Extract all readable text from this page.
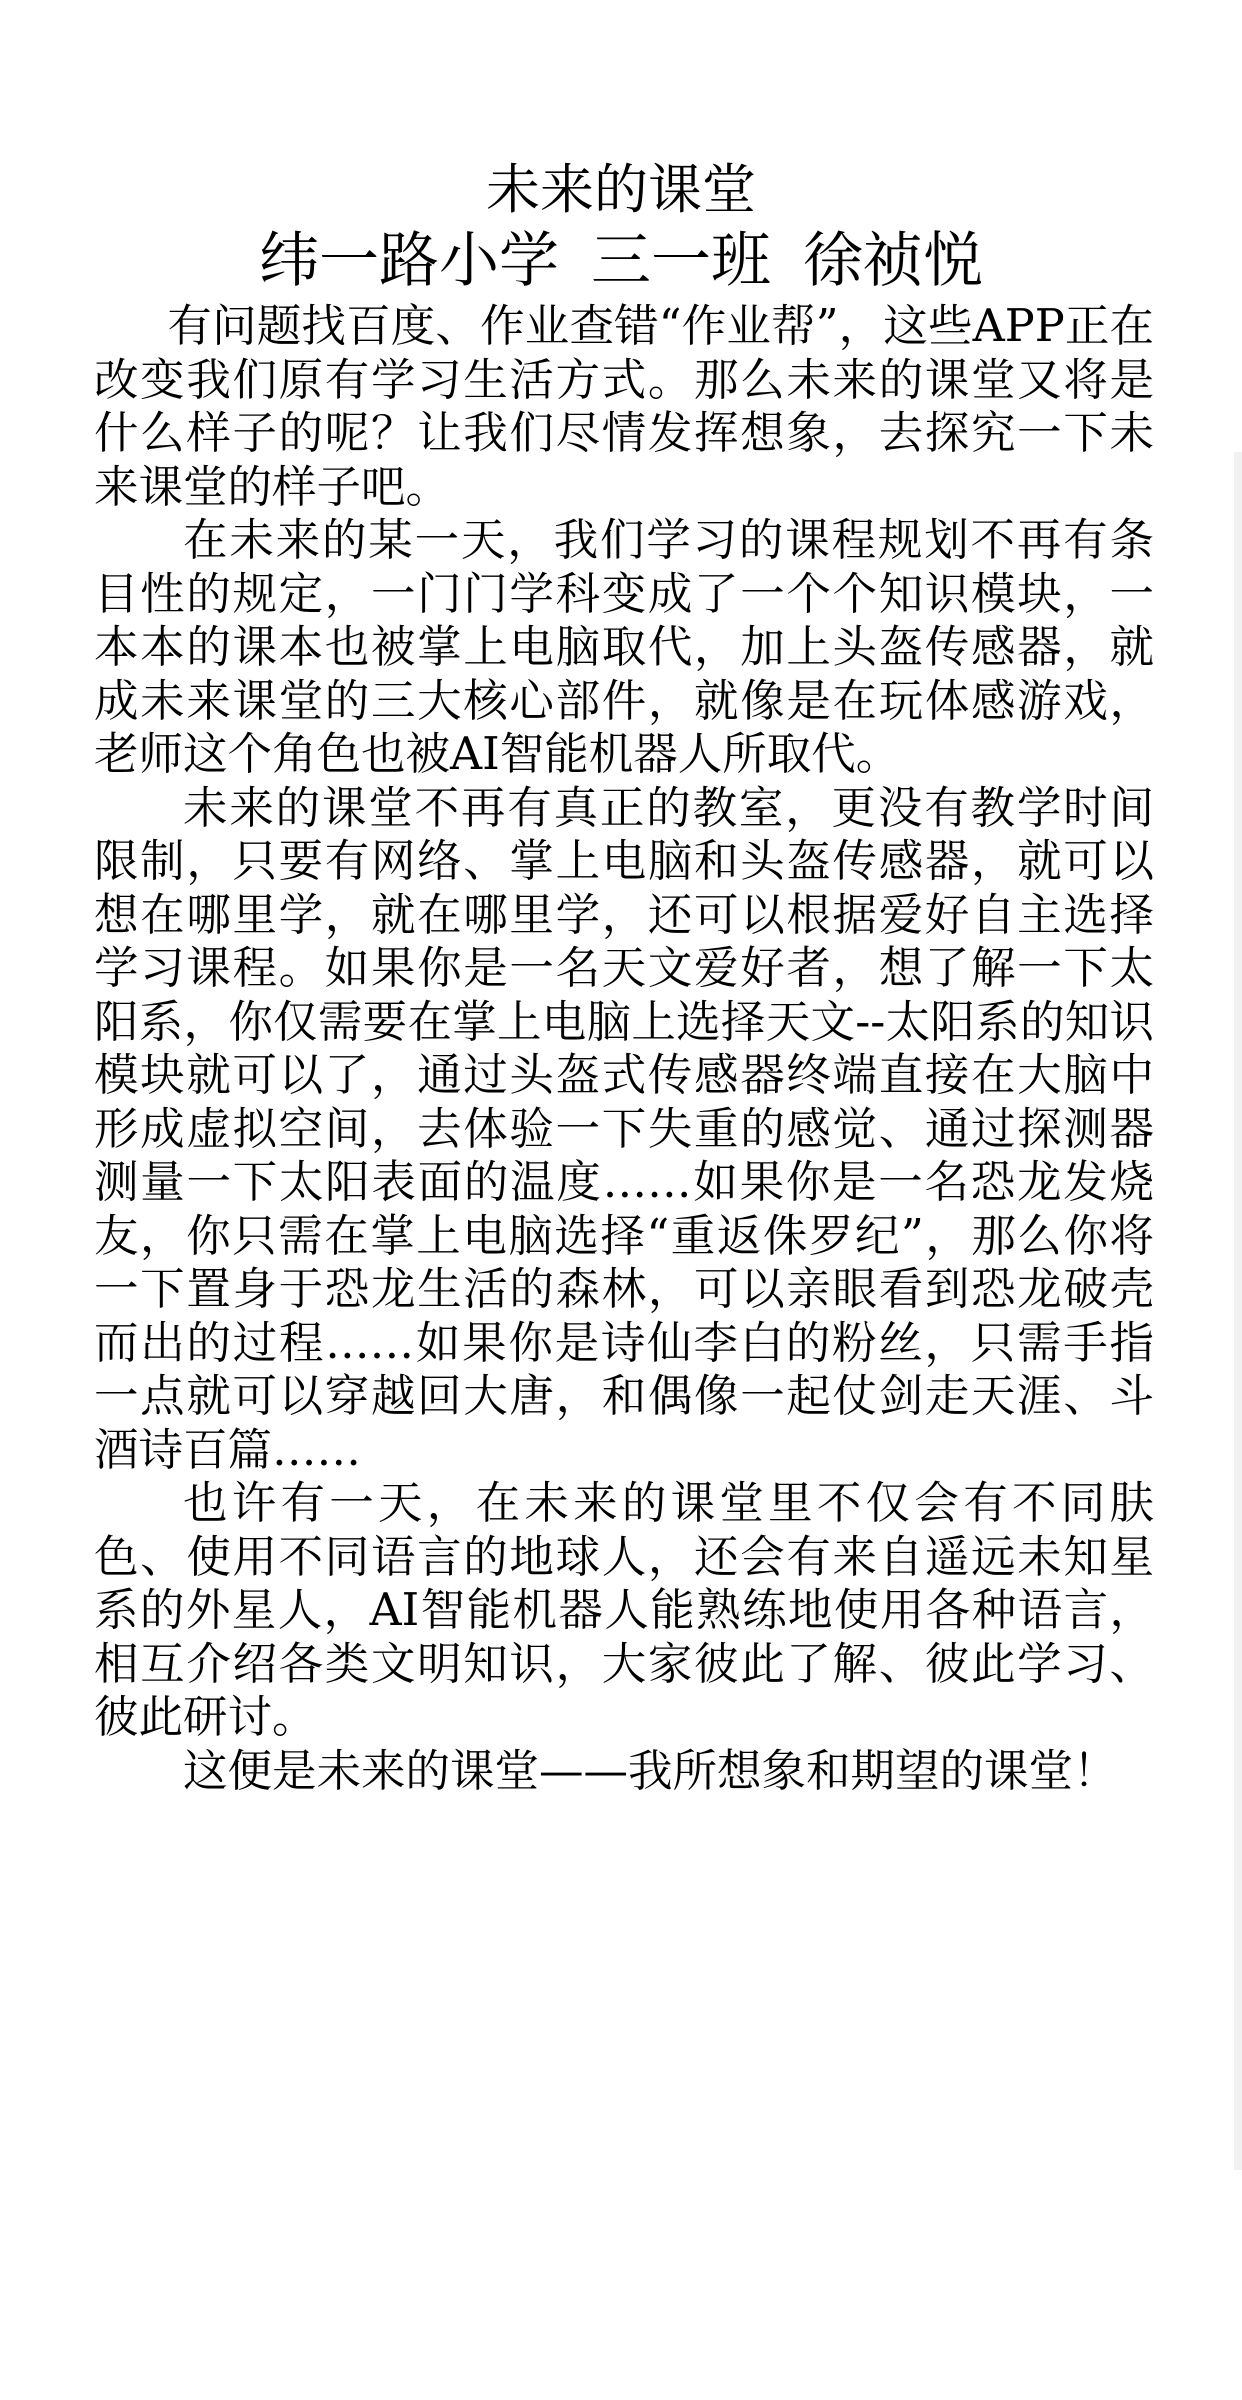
未来的课堂
纬一路小学 三一班 徐祯悦

有问题找百度、作业查错“作业帮”，这些APP正在改变我们原有学习生活方式。那么未来的课堂又将是什么样子的呢？让我们尽情发挥想象，去探究一下未来课堂的样子吧。

在未来的某一天，我们学习的课程规划不再有条目性的规定，一门门学科变成了一个个知识模块，一本本的课本也被掌上电脑取代，加上头盔传感器，就成未来课堂的三大核心部件，就像是在玩体感游戏，老师这个角色也被AI智能机器人所取代。

未来的课堂不再有真正的教室，更没有教学时间限制，只要有网络、掌上电脑和头盔传感器，就可以想在哪里学，就在哪里学，还可以根据爱好自主选择学习课程。如果你是一名天文爱好者，想了解一下太阳系，你仅需要在掌上电脑上选择天文--太阳系的知识模块就可以了，通过头盔式传感器终端直接在大脑中形成虚拟空间，去体验一下失重的感觉、通过探测器测量一下太阳表面的温度……如果你是一名恐龙发烧友，你只需在掌上电脑选择“重返侏罗纪”，那么你将一下置身于恐龙生活的森林，可以亲眼看到恐龙破壳而出的过程……如果你是诗仙李白的粉丝，只需手指一点就可以穿越回大唐，和偶像一起仗剑走天涯、斗酒诗百篇……

也许有一天，在未来的课堂里不仅会有不同肤色、使用不同语言的地球人，还会有来自遥远未知星系的外星人，AI智能机器人能熟练地使用各种语言，相互介绍各类文明知识，大家彼此了解、彼此学习、彼此研讨。

这便是未来的课堂——我所想象和期望的课堂！
